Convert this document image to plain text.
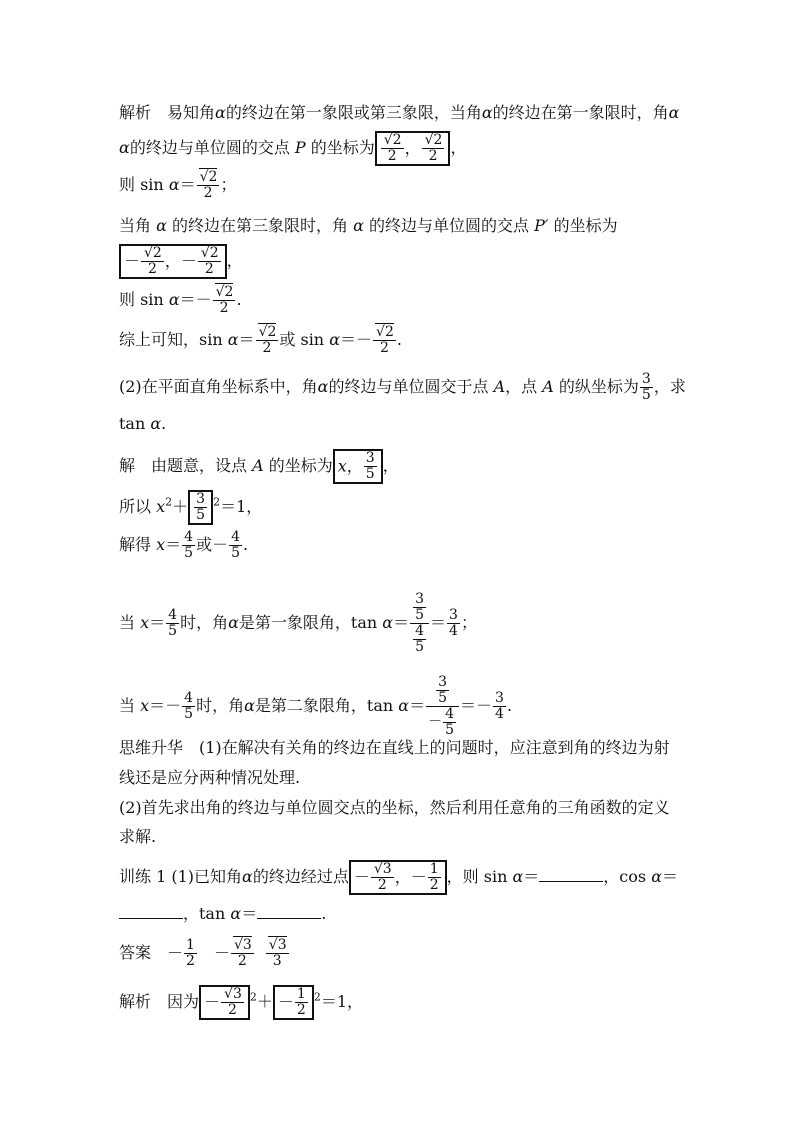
解析　易知角α的终边在第一象限或第三象限，当角α的终边在第一象限时，角α
α的终边与单位圆的交点 P 的坐标为 $\frac{√2}{2}$ ， $\frac{√2}{2}$ ，
则 $\sin \alpha= \frac{√2}{2}$ ；
当角 α 的终边在第三象限时，角 α 的终边与单位圆的交点 P′ 的坐标为
－ $\frac{√2}{2}$ ，－ $\frac{√2}{2}$ ，
则 $\sin \alpha=- \frac{√2}{2}$ .
综上可知，$\sin \alpha= \frac{√2}{2}$ 或 $\sin \alpha=- \frac{√2}{2}$ .
(2)在平面直角坐标系中，角α的终边与单位圆交于点 A，点 A 的纵坐标为 $\frac{3}{5}$ ，求
tan α.
解　由题意，设点 A 的坐标为 x， $\frac{3}{5}$ ，
所以 $x^2+ \frac{3}{5} ^2=1$，
解得 $x= \frac{4}{5}$ 或－ $\frac{4}{5}$ .
当 $x= \frac{4}{5}$ 时，角α是第一象限角，$\tan \alpha= \frac{\frac{3}{5}}{\frac{4}{5}} = \frac{3}{4}$ ；
当 $x=- \frac{4}{5}$ 时，角α是第二象限角，$\tan \alpha= \frac{\frac{3}{5}}{- \frac{4}{5}} =- \frac{3}{4}$ .
思维升华　(1)在解决有关角的终边在直线上的问题时，应注意到角的终边为射
线还是应分两种情况处理.
(2)首先求出角的终边与单位圆交点的坐标，然后利用任意角的三角函数的定义
求解.
训练 1 (1)已知角α的终边经过点 － $\frac{√3}{2}$ ，－ $\frac{1}{2}$ ，则 sin α＝	，cos α＝
，tan α＝	.
答案　－ $\frac{1}{2} - \frac{√3}{2} \frac{√3}{3}$
解析　因为 － $\frac{√3}{2} ^2+ - \frac{1}{2} ^2=1$，
